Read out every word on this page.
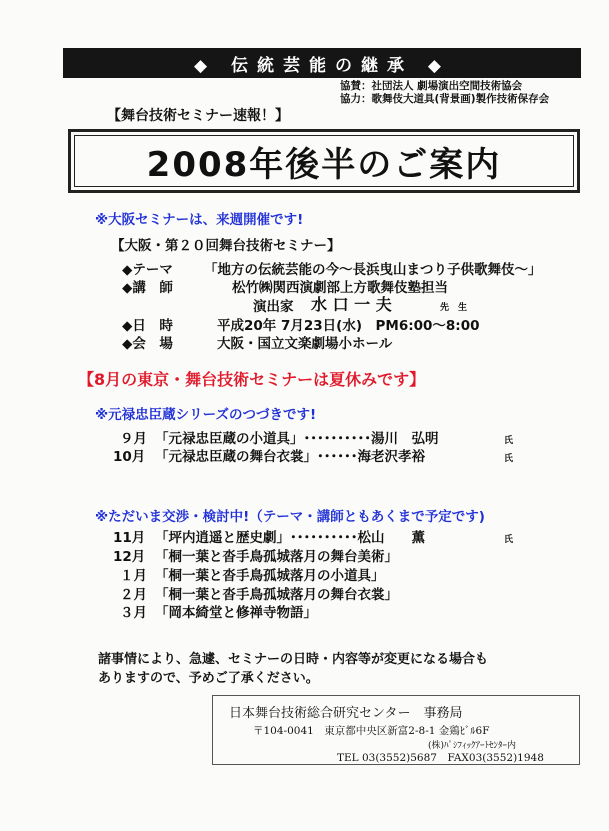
◆ 伝統芸能の継承 ◆
協賛：社団法人 劇場演出空間技術協会
協力：歌舞伎大道具(背景画)製作技術保存会
【舞台技術セミナー速報！】
2008年後半のご案内
※大阪セミナーは、来週開催です!
【大阪・第２０回舞台技術セミナー】
◆テーマ 「地方の伝統芸能の今～長浜曳山まつり子供歌舞伎～」
◆講　師	松竹㈱関西演劇部上方歌舞伎塾担当
演出家 水 口 一 夫	先　生
◆日　時	平成20年 7月23日(水)　PM6:00～8:00
◆会　場	大阪・国立文楽劇場小ホール
【8月の東京・舞台技術セミナーは夏休みです】
※元禄忠臣蔵シリーズのつづきです!
９月 「元禄忠臣蔵の小道具」･･････････湯川　弘明	氏
10月 「元禄忠臣蔵の舞台衣裳」･･････海老沢孝裕	氏
※ただいま交渉・検討中!（テーマ・講師ともあくまで予定です)
11月 「坪内逍遥と歴史劇」･･････････松山　　薫	氏
12月 「桐一葉と沓手鳥孤城落月の舞台美術」
１月 「桐一葉と沓手鳥孤城落月の小道具」
２月 「桐一葉と沓手鳥孤城落月の舞台衣裳」
３月 「岡本綺堂と修禅寺物語」
諸事情により、急遽、セミナーの日時・内容等が変更になる場合も
ありますので、予めご了承ください。
日本舞台技術総合研究センター　事務局
〒104-0041　東京都中央区新富2-8-1 金鶏ﾋﾞﾙ6F
(株)ﾊﾟｼﾌｨｯｸｱｰﾄｾﾝﾀｰ内
TEL 03(3552)5687　FAX03(3552)1948
